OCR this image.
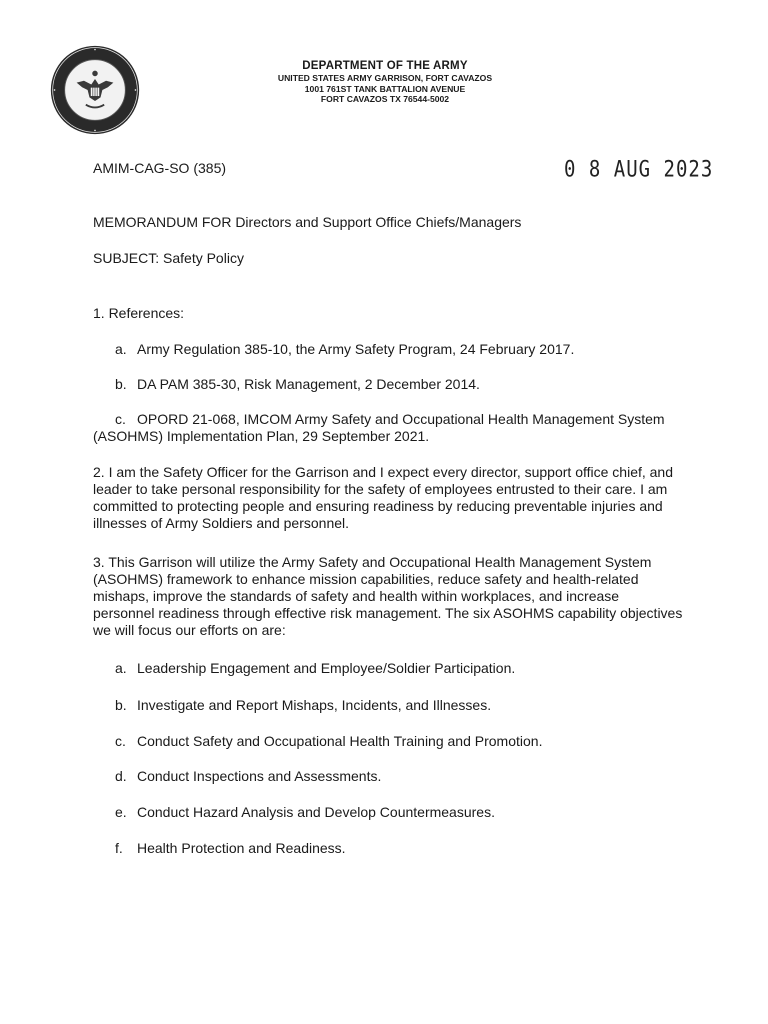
DEPARTMENT OF THE ARMY
UNITED STATES ARMY GARRISON, FORT CAVAZOS
1001 761ST TANK BATTALION AVENUE
FORT CAVAZOS TX 76544-5002
AMIM-CAG-SO (385)	0 8 AUG 2023

MEMORANDUM FOR Directors and Support Office Chiefs/Managers

SUBJECT: Safety Policy

1. References:

a. Army Regulation 385-10, the Army Safety Program, 24 February 2017.

b. DA PAM 385-30, Risk Management, 2 December 2014.

c. OPORD 21-068, IMCOM Army Safety and Occupational Health Management System (ASOHMS) Implementation Plan, 29 September 2021.

2. I am the Safety Officer for the Garrison and I expect every director, support office chief, and leader to take personal responsibility for the safety of employees entrusted to their care. I am committed to protecting people and ensuring readiness by reducing preventable injuries and illnesses of Army Soldiers and personnel.

3. This Garrison will utilize the Army Safety and Occupational Health Management System (ASOHMS) framework to enhance mission capabilities, reduce safety and health-related mishaps, improve the standards of safety and health within workplaces, and increase personnel readiness through effective risk management. The six ASOHMS capability objectives we will focus our efforts on are:

a. Leadership Engagement and Employee/Soldier Participation.

b. Investigate and Report Mishaps, Incidents, and Illnesses.

c. Conduct Safety and Occupational Health Training and Promotion.

d. Conduct Inspections and Assessments.

e. Conduct Hazard Analysis and Develop Countermeasures.

f. Health Protection and Readiness.
